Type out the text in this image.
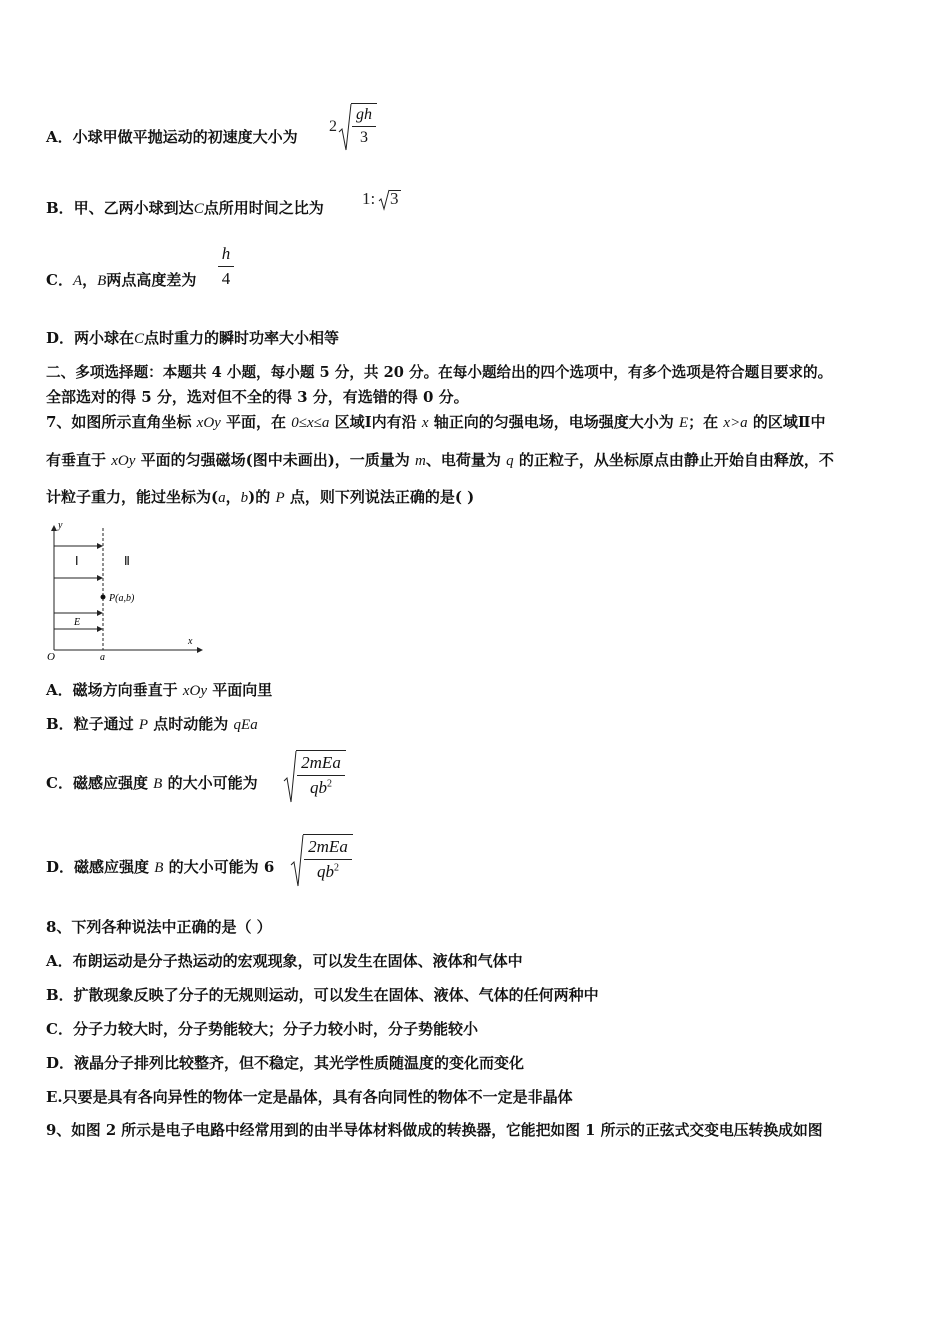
A．小球甲做平抛运动的初速度大小为
2
gh
3
B．甲、乙两小球到达C点所用时间之比为 1: 3
C．A，B两点高度差为
h
4
D．两小球在C点时重力的瞬时功率大小相等
二、多项选择题：本题共 4 小题，每小题 5 分，共 20 分。在每小题给出的四个选项中，有多个选项是符合题目要求的。
全部选对的得 5 分，选对但不全的得 3 分，有选错的得 0 分。
7、如图所示直角坐标 xOy 平面，在 0≤x≤a 区域Ⅰ内有沿 x 轴正向的匀强电场，电场强度大小为 E；在 x>a 的区域Ⅱ中
有垂直于 xOy 平面的匀强磁场(图中未画出)，一质量为 m、电荷量为 q 的正粒子，从坐标原点由静止开始自由释放，不
计粒子重力，能过坐标为(a，b)的 P 点，则下列说法正确的是( )
y
x
O	a
E
Ⅰ	Ⅱ
P(a,b)
A．磁场方向垂直于 xOy 平面向里
B．粒子通过 P 点时动能为 qEa
C．磁感应强度 B 的大小可能为
2mEa
$qb^2$
D．磁感应强度 B 的大小可能为 6
2mEa
$qb^2$
8、下列各种说法中正确的是（ ）
A．布朗运动是分子热运动的宏观现象，可以发生在固体、液体和气体中
B．扩散现象反映了分子的无规则运动，可以发生在固体、液体、气体的任何两种中
C．分子力较大时，分子势能较大；分子力较小时，分子势能较小
D．液晶分子排列比较整齐，但不稳定，其光学性质随温度的变化而变化
E.只要是具有各向异性的物体一定是晶体，具有各向同性的物体不一定是非晶体
9、如图 2 所示是电子电路中经常用到的由半导体材料做成的转换器，它能把如图 1 所示的正弦式交变电压转换成如图
